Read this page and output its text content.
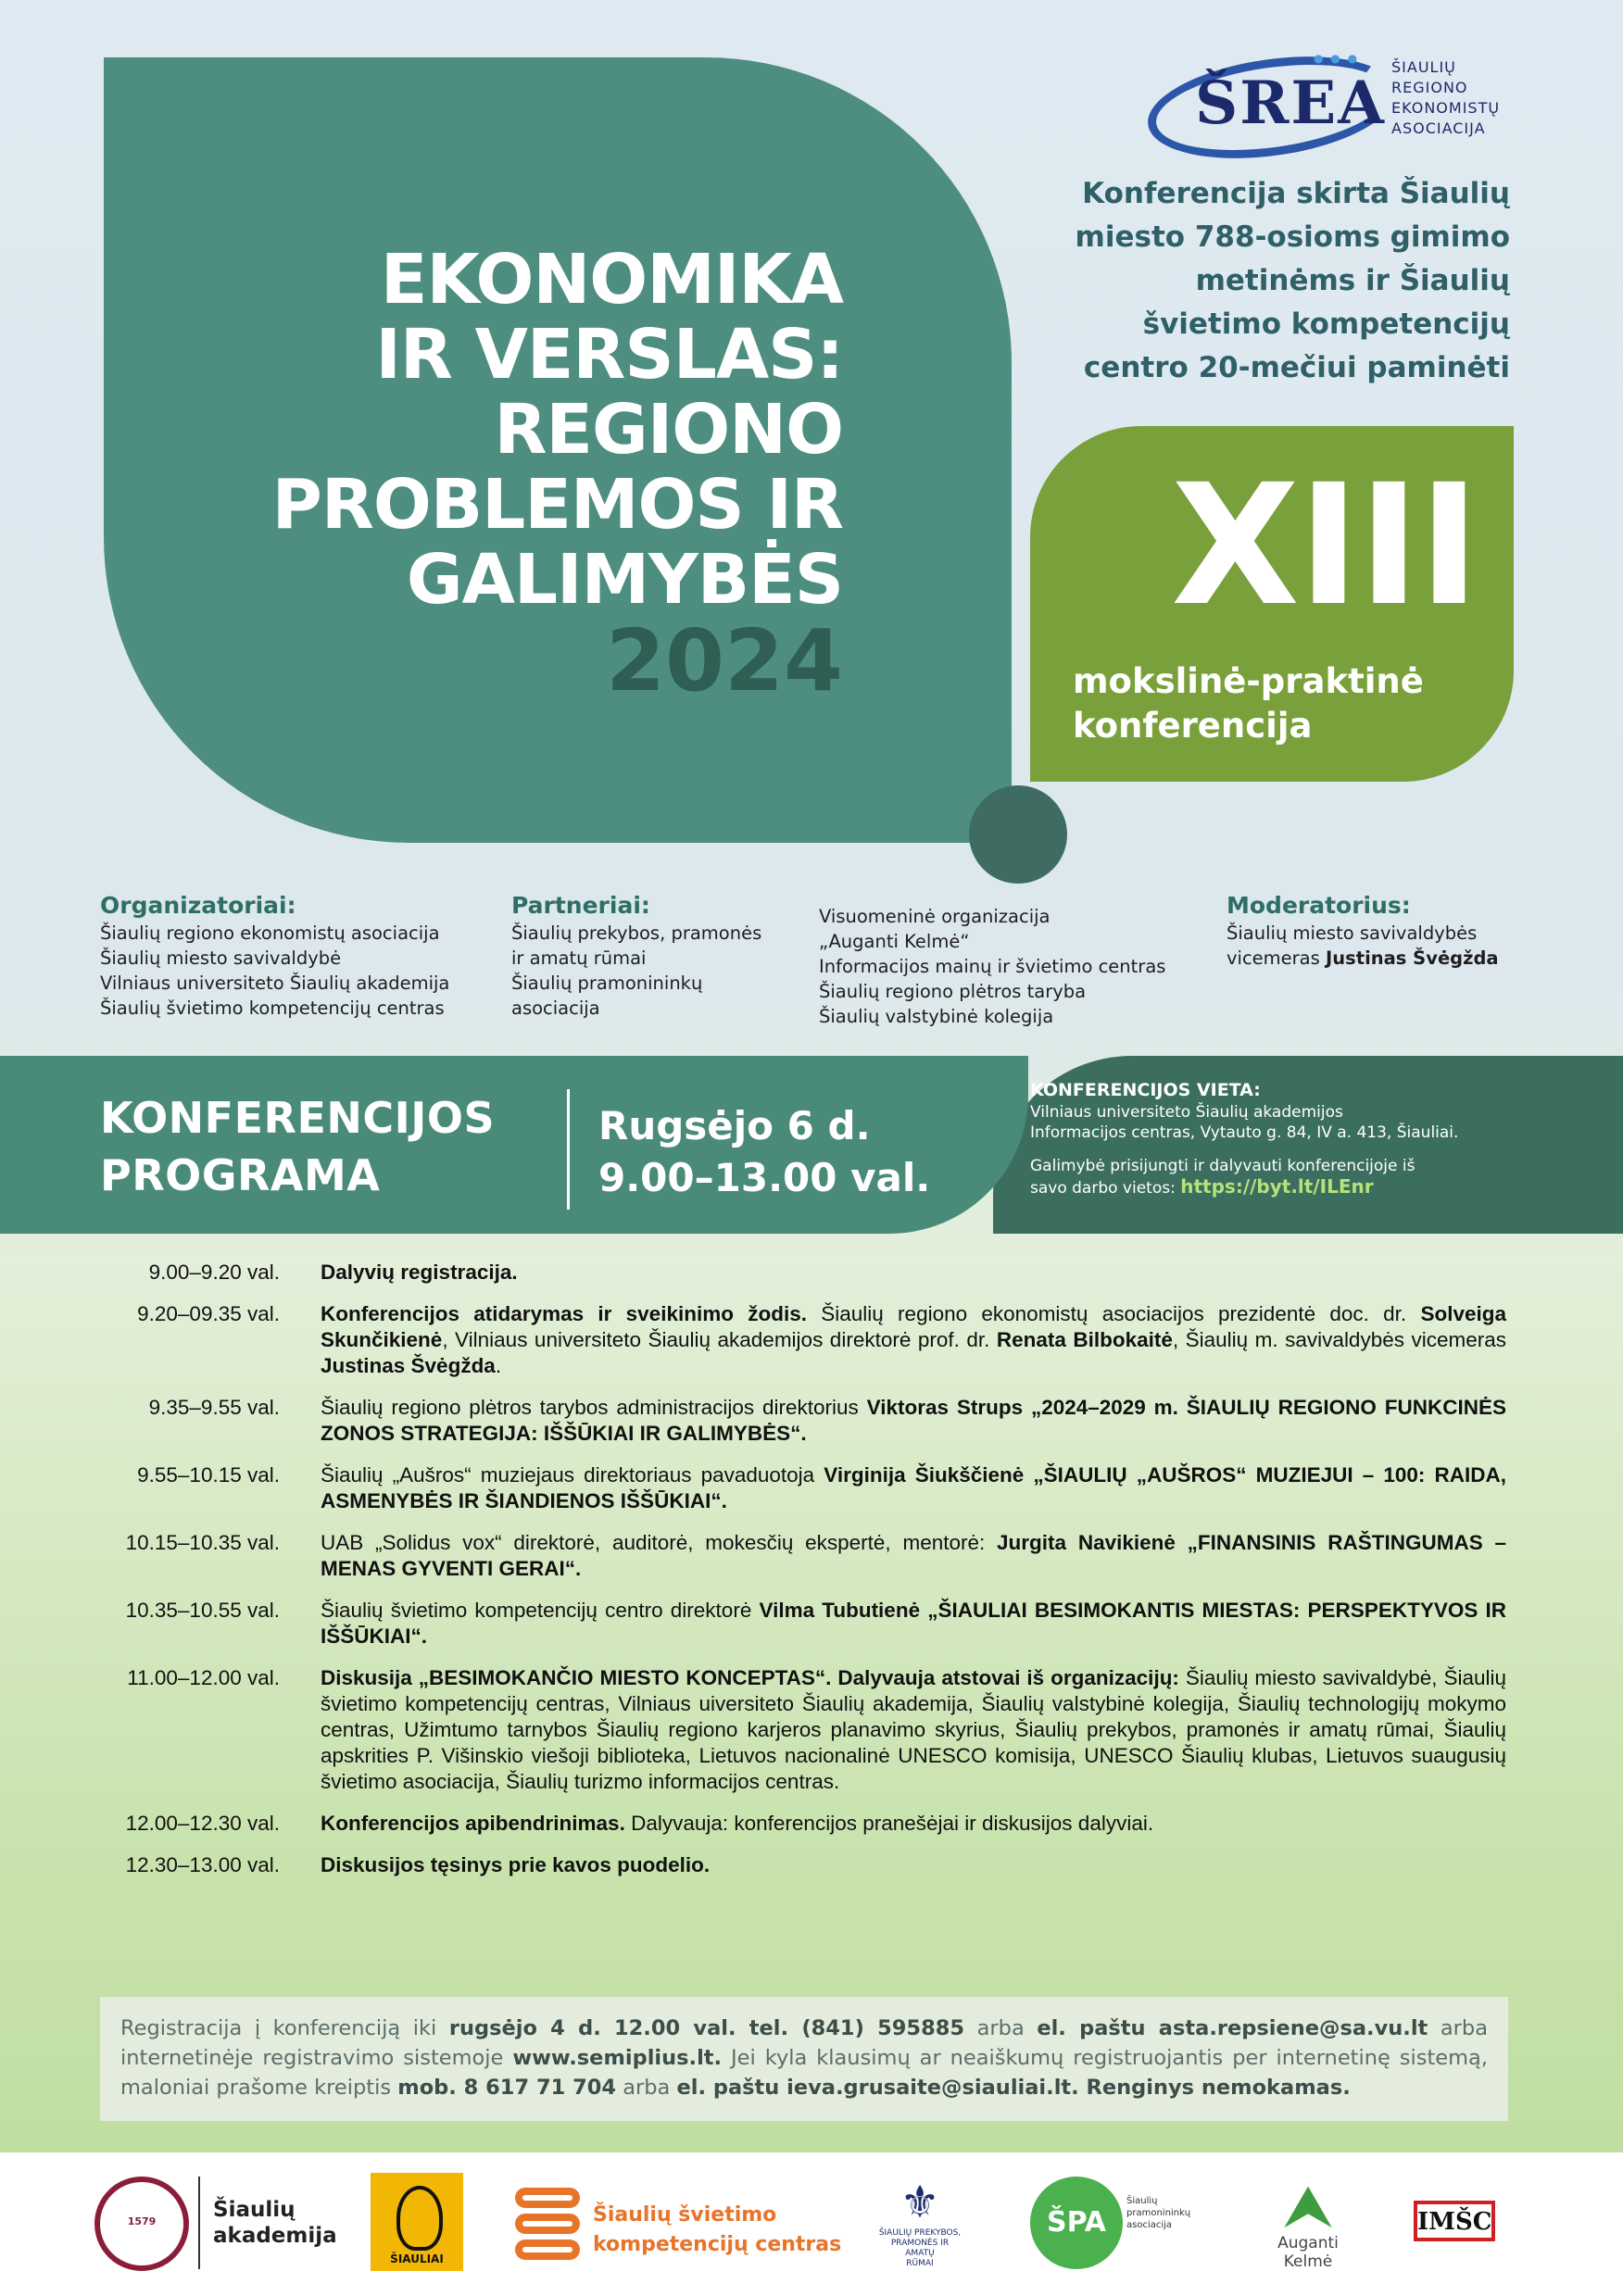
EKONOMIKA
IR VERSLAS:
REGIONO
PROBLEMOS IR
GALIMYBĖS
2024
● ● ●
ŠREA
ŠIAULIŲ
REGIONO
EKONOMISTŲ
ASOCIACIJA
Konferencija skirta Šiaulių
miesto 788-osioms gimimo
metinėms ir Šiaulių
švietimo kompetencijų
centro 20-mečiui paminėti
XIII
mokslinė-praktinė
konferencija
Organizatoriai:
Šiaulių regiono ekonomistų asociacija
Šiaulių miesto savivaldybė
Vilniaus universiteto Šiaulių akademija
Šiaulių švietimo kompetencijų centras
Partneriai:
Šiaulių prekybos, pramonės
ir amatų rūmai
Šiaulių pramonininkų
asociacija
Visuomeninė organizacija
„Auganti Kelmė“
Informacijos mainų ir švietimo centras
Šiaulių regiono plėtros taryba
Šiaulių valstybinė kolegija
Moderatorius:
Šiaulių miesto savivaldybės
vicemeras Justinas Švėgžda
KONFERENCIJOS
PROGRAMA
Rugsėjo 6 d.
9.00–13.00 val.
KONFERENCIJOS VIETA:
Vilniaus universiteto Šiaulių akademijos
Informacijos centras, Vytauto g. 84, IV a. 413, Šiauliai.
Galimybė prisijungti ir dalyvauti konferencijoje iš
savo darbo vietos: https://byt.lt/ILEnr
9.00–9.20 val. Dalyvių registracija.
9.20–09.35 val. Konferencijos atidarymas ir sveikinimo žodis. Šiaulių regiono ekonomistų asociacijos prezidentė doc. dr. Solveiga Skunčikienė, Vilniaus universiteto Šiaulių akademijos direktorė prof. dr. Renata Bilbokaitė, Šiaulių m. savivaldybės vicemeras Justinas Švėgžda.
9.35–9.55 val. Šiaulių regiono plėtros tarybos administracijos direktorius Viktoras Strups „2024–2029 m. ŠIAULIŲ REGIONO FUNKCINĖS ZONOS STRATEGIJA: IŠŠŪKIAI IR GALIMYBĖS“.
9.55–10.15 val. Šiaulių „Aušros“ muziejaus direktoriaus pavaduotoja Virginija Šiukščienė „ŠIAULIŲ „AUŠROS“ MUZIEJUI – 100: RAIDA, ASMENYBĖS IR ŠIANDIENOS IŠŠŪKIAI“.
10.15–10.35 val. UAB „Solidus vox“ direktorė, auditorė, mokesčių ekspertė, mentorė: Jurgita Navikienė „FINANSINIS RAŠTINGUMAS – MENAS GYVENTI GERAI“.
10.35–10.55 val. Šiaulių švietimo kompetencijų centro direktorė Vilma Tubutienė „ŠIAULIAI BESIMOKANTIS MIESTAS: PERSPEKTYVOS IR IŠŠŪKIAI“.
11.00–12.00 val. Diskusija „BESIMOKANČIO MIESTO KONCEPTAS“. Dalyvauja atstovai iš organizacijų: Šiaulių miesto savivaldybė, Šiaulių švietimo kompetencijų centras, Vilniaus uiversiteto Šiaulių akademija, Šiaulių valstybinė kolegija, Šiaulių technologijų mokymo centras, Užimtumo tarnybos Šiaulių regiono karjeros planavimo skyrius, Šiaulių prekybos, pramonės ir amatų rūmai, Šiaulių apskrities P. Višinskio viešoji biblioteka, Lietuvos nacionalinė UNESCO komisija, UNESCO Šiaulių klubas, Lietuvos suaugusių švietimo asociacija, Šiaulių turizmo informacijos centras.
12.00–12.30 val. Konferencijos apibendrinimas. Dalyvauja: konferencijos pranešėjai ir diskusijos dalyviai.
12.30–13.00 val. Diskusijos tęsinys prie kavos puodelio.
Registracija į konferenciją iki rugsėjo 4 d. 12.00 val. tel. (841) 595885 arba el. paštu asta.repsiene@sa.vu.lt arba internetinėje registravimo sistemoje www.semiplius.lt. Jei kyla klausimų ar neaiškumų registruojantis per internetinę sistemą, maloniai prašome kreiptis mob. 8 617 71 704 arba el. paštu ieva.grusaite@siauliai.lt. Renginys nemokamas.
1579	Šiaulių
akademija
ŠIAULIAI
Šiaulių švietimo
kompetencijų centras
⚜
ŠIAULIŲ PREKYBOS,
PRAMONĖS IR AMATŲ
RŪMAI
ŠPA
Šiaulių
pramonininkų
asociacija	⮝
Auganti Kelmė
IMŠC
